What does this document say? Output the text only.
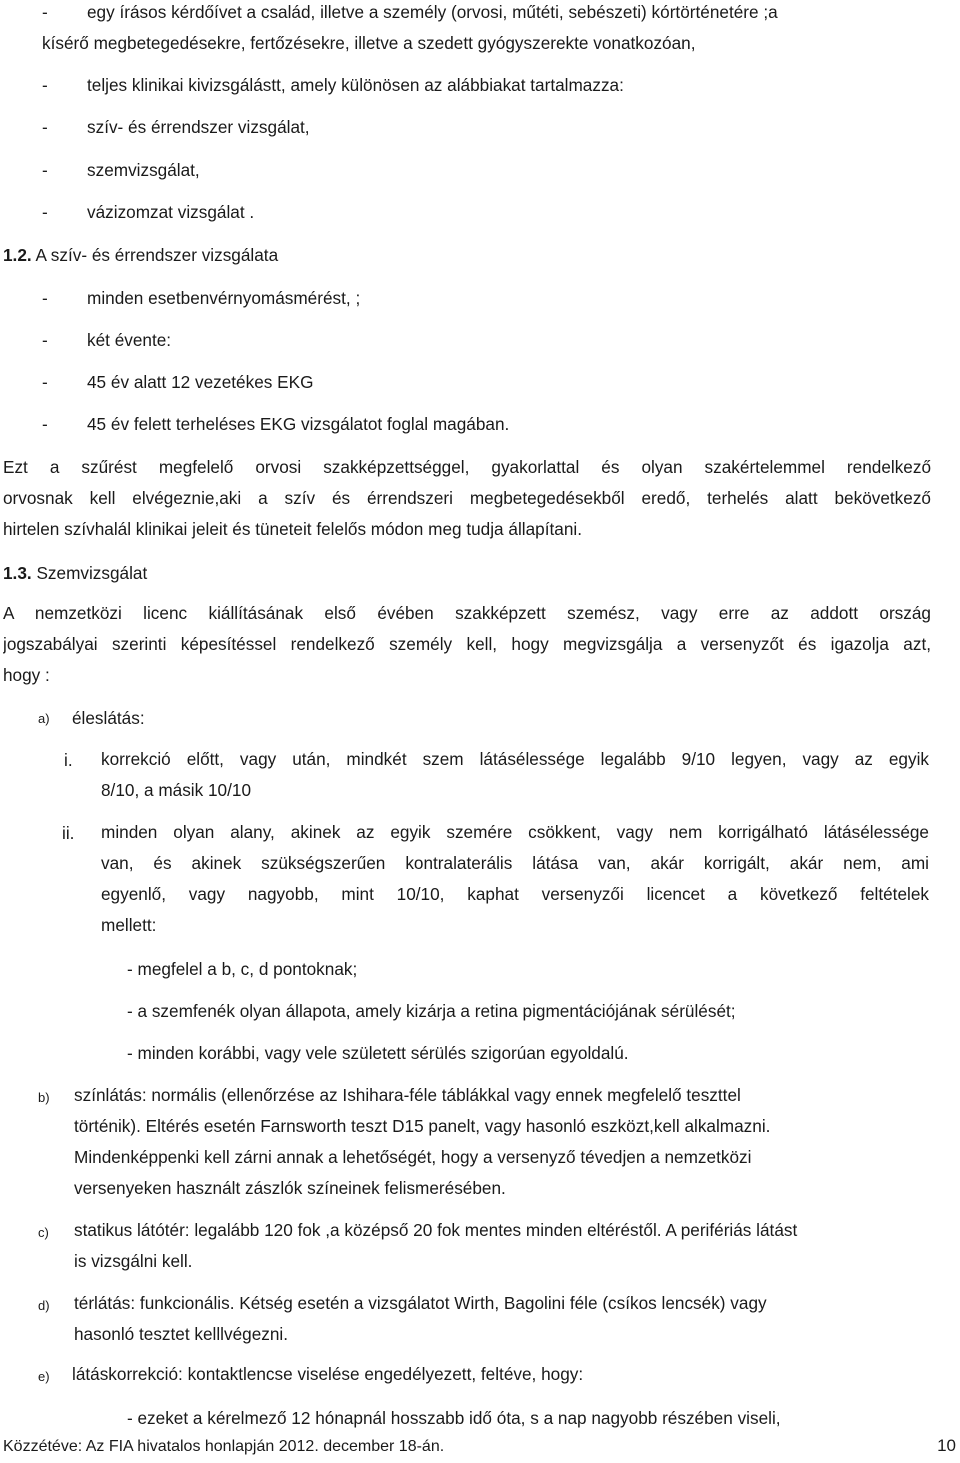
- egy írásos kérdőívet a család, illetve a személy (orvosi, műtéti, sebészeti) kórtörténetére ;a
kísérő megbetegedésekre, fertőzésekre, illetve a szedett gyógyszerekte vonatkozóan,
- teljes klinikai kivizsgálástt, amely különösen az alábbiakat tartalmazza:
- szív- és érrendszer vizsgálat,
- szemvizsgálat,
- vázizomzat vizsgálat .
1.2. A szív- és érrendszer vizsgálata
- minden esetbenvérnyomásmérést, ;
- két évente:
- 45 év alatt 12 vezetékes EKG
- 45 év felett terheléses EKG vizsgálatot foglal magában.
Ezt a szűrést megfelelő orvosi szakképzettséggel, gyakorlattal és olyan szakértelemmel rendelkező
orvosnak kell elvégeznie,aki a szív és érrendszeri megbetegedésekből eredő, terhelés alatt bekövetkező
hirtelen szívhalál klinikai jeleit és tüneteit felelős módon meg tudja állapítani.
1.3. Szemvizsgálat
A nemzetközi licenc kiállításának első évében szakképzett szemész, vagy erre az addott ország
jogszabályai szerinti képesítéssel rendelkező személy kell, hogy megvizsgálja a versenyzőt és igazolja azt,
hogy :
a) éleslátás:
i. korrekció előtt, vagy után, mindkét szem látásélessége legalább 9/10 legyen, vagy az egyik
8/10, a másik 10/10
ii. minden olyan alany, akinek az egyik szemére csökkent, vagy nem korrigálható látásélessége
van, és akinek szükségszerűen kontralaterális látása van, akár korrigált, akár nem, ami
egyenlő, vagy nagyobb, mint 10/10, kaphat versenyzői licencet a következő feltételek
mellett:
- megfelel a b, c, d pontoknak;
- a szemfenék olyan állapota, amely kizárja a retina pigmentációjának sérülését;
- minden korábbi, vagy vele született sérülés szigorúan egyoldalú.
b) színlátás: normális (ellenőrzése az Ishihara-féle táblákkal vagy ennek megfelelő teszttel
történik). Eltérés esetén Farnsworth teszt D15 panelt, vagy hasonló eszközt,kell alkalmazni.
Mindenképpenki kell zárni annak a lehetőségét, hogy a versenyző tévedjen a nemzetközi
versenyeken használt zászlók színeinek felismerésében.
c) statikus látótér: legalább 120 fok ,a középső 20 fok mentes minden eltéréstől. A perifériás látást
is vizsgálni kell.
d) térlátás: funkcionális. Kétség esetén a vizsgálatot Wirth, Bagolini féle (csíkos lencsék) vagy
hasonló tesztet kelllvégezni.
e) látáskorrekció: kontaktlencse viselése engedélyezett, feltéve, hogy:
- ezeket a kérelmező 12 hónapnál hosszabb idő óta, s a nap nagyobb részében viseli,
Közzétéve: Az FIA hivatalos honlapján 2012. december 18-án.	10
